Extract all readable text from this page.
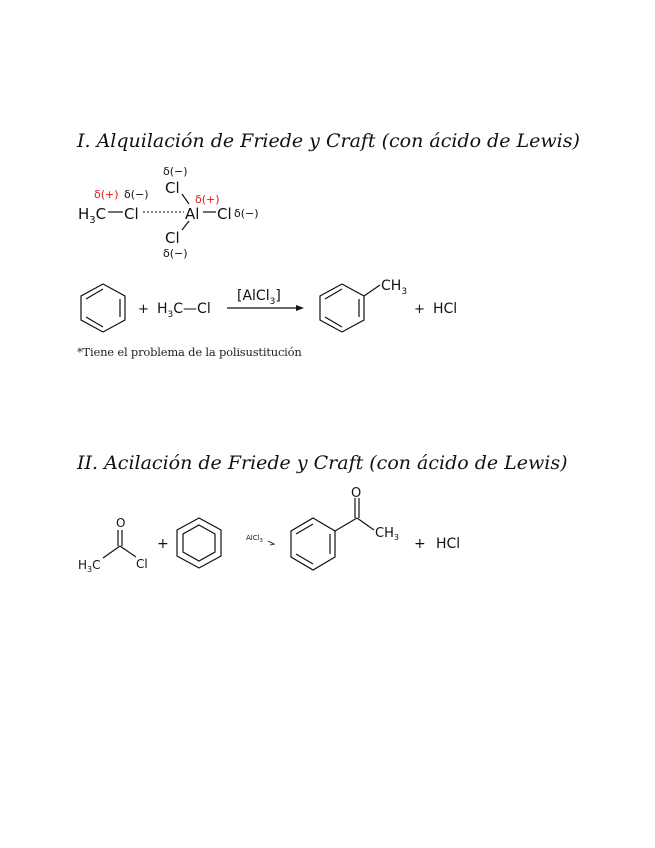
I. Alquilación de Friede y Craft (con ácido de Lewis)
δ(+) δ(−)
δ(−)
δ(+)
δ(−)
δ(−)
$H_3C$ Cl	Al Cl
Cl
Cl
+ $H_3C—Cl$
[AlCl$_3$]
$CH_3$
+ HCl
O
$H_3C$	Cl
+	AlCl$_3$
O
$CH_3$ + HCl
*Tiene el problema de la polisustitución
II. Acilación de Friede y Craft (con ácido de Lewis)
